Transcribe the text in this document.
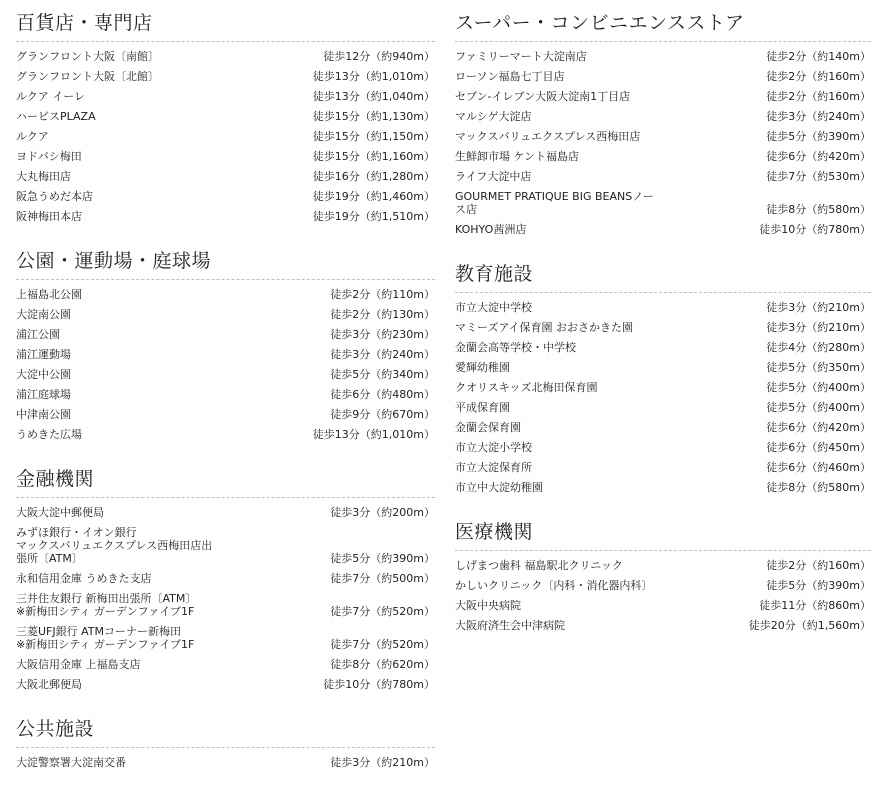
百貨店・専門店
グランフロント大阪〔南館〕	徒歩12分（約940m）
グランフロント大阪〔北館〕	徒歩13分（約1,010m）
ルクア イーレ	徒歩13分（約1,040m）
ハービスPLAZA	徒歩15分（約1,130m）
ルクア	徒歩15分（約1,150m）
ヨドバシ梅田	徒歩15分（約1,160m）
大丸梅田店	徒歩16分（約1,280m）
阪急うめだ本店	徒歩19分（約1,460m）
阪神梅田本店	徒歩19分（約1,510m）
公園・運動場・庭球場
上福島北公園	徒歩2分（約110m）
大淀南公園	徒歩2分（約130m）
浦江公園	徒歩3分（約230m）
浦江運動場	徒歩3分（約240m）
大淀中公園	徒歩5分（約340m）
浦江庭球場	徒歩6分（約480m）
中津南公園	徒歩9分（約670m）
うめきた広場	徒歩13分（約1,010m）
金融機関
大阪大淀中郵便局	徒歩3分（約200m）
みずほ銀行・イオン銀行
マックスバリュエクスプレス西梅田店出
張所〔ATM〕	徒歩5分（約390m）
永和信用金庫 うめきた支店	徒歩7分（約500m）
三井住友銀行 新梅田出張所〔ATM〕
※新梅田シティ ガーデンファイブ1F	徒歩7分（約520m）
三菱UFJ銀行 ATMコーナー新梅田
※新梅田シティ ガーデンファイブ1F	徒歩7分（約520m）
大阪信用金庫 上福島支店	徒歩8分（約620m）
大阪北郵便局	徒歩10分（約780m）
公共施設
大淀警察署大淀南交番	徒歩3分（約210m）
スーパー・コンビニエンスストア
ファミリーマート大淀南店	徒歩2分（約140m）
ローソン福島七丁目店	徒歩2分（約160m）
セブン-イレブン大阪大淀南1丁目店	徒歩2分（約160m）
マルシゲ大淀店	徒歩3分（約240m）
マックスバリュエクスプレス西梅田店	徒歩5分（約390m）
生鮮卸市場 ケント福島店	徒歩6分（約420m）
ライフ大淀中店	徒歩7分（約530m）
GOURMET PRATIQUE BIG BEANSノー
ス店	徒歩8分（約580m）
KOHYO茜洲店	徒歩10分（約780m）
教育施設
市立大淀中学校	徒歩3分（約210m）
マミーズアイ保育園 おおさかきた園	徒歩3分（約210m）
金蘭会高等学校・中学校	徒歩4分（約280m）
愛輝幼稚園	徒歩5分（約350m）
クオリスキッズ北梅田保育園	徒歩5分（約400m）
平成保育園	徒歩5分（約400m）
金蘭会保育園	徒歩6分（約420m）
市立大淀小学校	徒歩6分（約450m）
市立大淀保育所	徒歩6分（約460m）
市立中大淀幼稚園	徒歩8分（約580m）
医療機関
しげまつ歯科 福島駅北クリニック	徒歩2分（約160m）
かしいクリニック〔内科・消化器内科〕	徒歩5分（約390m）
大阪中央病院	徒歩11分（約860m）
大阪府済生会中津病院	徒歩20分（約1,560m）
